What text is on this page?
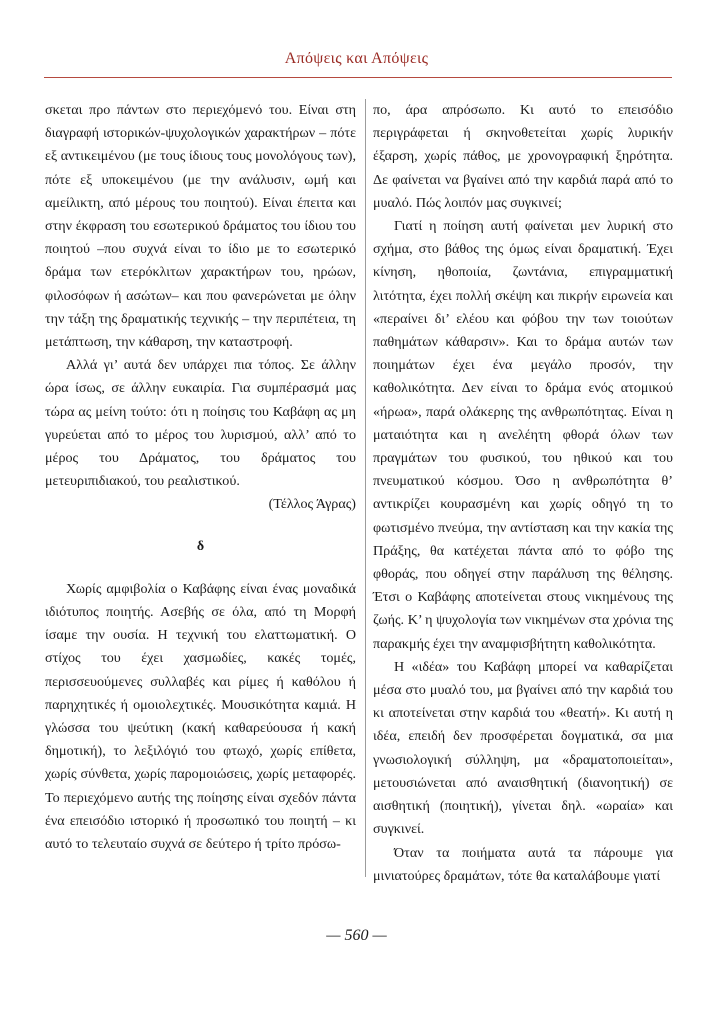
Απόψεις και Απόψεις

σκεται προ πάντων στο περιεχόμενό του. Είναι στη διαγραφή ιστορικών-ψυχολογικών χαρακτήρων – πότε εξ αντικειμένου (με τους ίδιους τους μονολόγους των), πότε εξ υποκειμένου (με την ανάλυσιν, ωμή και αμείλικτη, από μέρους του ποιητού). Είναι έπειτα και στην έκφραση του εσωτερικού δράματος του ίδιου του ποιητού –που συχνά είναι το ίδιο με το εσωτερικό δράμα των ετερόκλιτων χαρακτήρων του, ηρώων, φιλοσόφων ή ασώτων– και που φανερώνεται με όλην την τάξη της δραματικής τεχνικής – την περιπέτεια, τη μετάπτωση, την κάθαρση, την καταστροφή.

Αλλά γι’ αυτά δεν υπάρχει πια τόπος. Σε άλλην ώρα ίσως, σε άλλην ευκαιρία. Για συμπέρασμά μας τώρα ας μείνη τούτο: ότι η ποίησις του Καβάφη ας μη γυρεύεται από το μέρος του λυρισμού, αλλ’ από το μέρος του Δράματος, του δράματος του μετευριπιδιακού, του ρεαλιστικού.

(Τέλλος Άγρας)

δ

Χωρίς αμφιβολία ο Καβάφης είναι ένας μοναδικά ιδιότυπος ποιητής. Ασεβής σε όλα, από τη Μορφή ίσαμε την ουσία. Η τεχνική του ελαττωματική. Ο στίχος του έχει χασμωδίες, κακές τομές, περισσευούμενες συλλαβές και ρίμες ή καθόλου ή παρηχητικές ή ομοιολεχτικές. Μουσικότητα καμιά. Η γλώσσα του ψεύτικη (κακή καθαρεύουσα ή κακή δημοτική), το λεξιλόγιό του φτωχό, χωρίς επίθετα, χωρίς σύνθετα, χωρίς παρομοιώσεις, χωρίς μεταφορές. Το περιεχόμενο αυτής της ποίησης είναι σχεδόν πάντα ένα επεισόδιο ιστορικό ή προσωπικό του ποιητή – κι αυτό το τελευταίο συχνά σε δεύτερο ή τρίτο πρόσω-

πο, άρα απρόσωπο. Κι αυτό το επεισόδιο περιγράφεται ή σκηνοθετείται χωρίς λυρικήν έξαρση, χωρίς πάθος, με χρονογραφική ξηρότητα. Δε φαίνεται να βγαίνει από την καρδιά παρά από το μυαλό. Πώς λοιπόν μας συγκινεί;

Γιατί η ποίηση αυτή φαίνεται μεν λυρική στο σχήμα, στο βάθος της όμως είναι δραματική. Έχει κίνηση, ηθοποιία, ζωντάνια, επιγραμματική λιτότητα, έχει πολλή σκέψη και πικρήν ειρωνεία και «περαίνει δι’ ελέου και φόβου την των τοιούτων παθημάτων κάθαρσιν». Και το δράμα αυτών των ποιημάτων έχει ένα μεγάλο προσόν, την καθολικότητα. Δεν είναι το δράμα ενός ατομικού «ήρωα», παρά ολάκερης της ανθρωπότητας. Είναι η ματαιότητα και η ανελέητη φθορά όλων των πραγμάτων του φυσικού, του ηθικού και του πνευματικού κόσμου. Όσο η ανθρωπότητα θ’ αντικρίζει κουρασμένη και χωρίς οδηγό τη το φωτισμένο πνεύμα, την αντίσταση και την κακία της Πράξης, θα κατέχεται πάντα από το φόβο της φθοράς, που οδηγεί στην παράλυση της θέλησης. Έτσι ο Καβάφης αποτείνεται στους νικημένους της ζωής. Κ’ η ψυχολογία των νικημένων στα χρόνια της παρακμής έχει την αναμφισβήτητη καθολικότητα.

Η «ιδέα» του Καβάφη μπορεί να καθαρίζεται μέσα στο μυαλό του, μα βγαίνει από την καρδιά του κι αποτείνεται στην καρδιά του «θεατή». Κι αυτή η ιδέα, επειδή δεν προσφέρεται δογματικά, σα μια γνωσιολογική σύλληψη, μα «δραματοποιείται», μετουσιώνεται από αναισθητική (διανοητική) σε αισθητική (ποιητική), γίνεται δηλ. «ωραία» και συγκινεί.

Όταν τα ποιήματα αυτά τα πάρουμε για μινιατούρες δραμάτων, τότε θα καταλάβουμε γιατί

— 560 —
